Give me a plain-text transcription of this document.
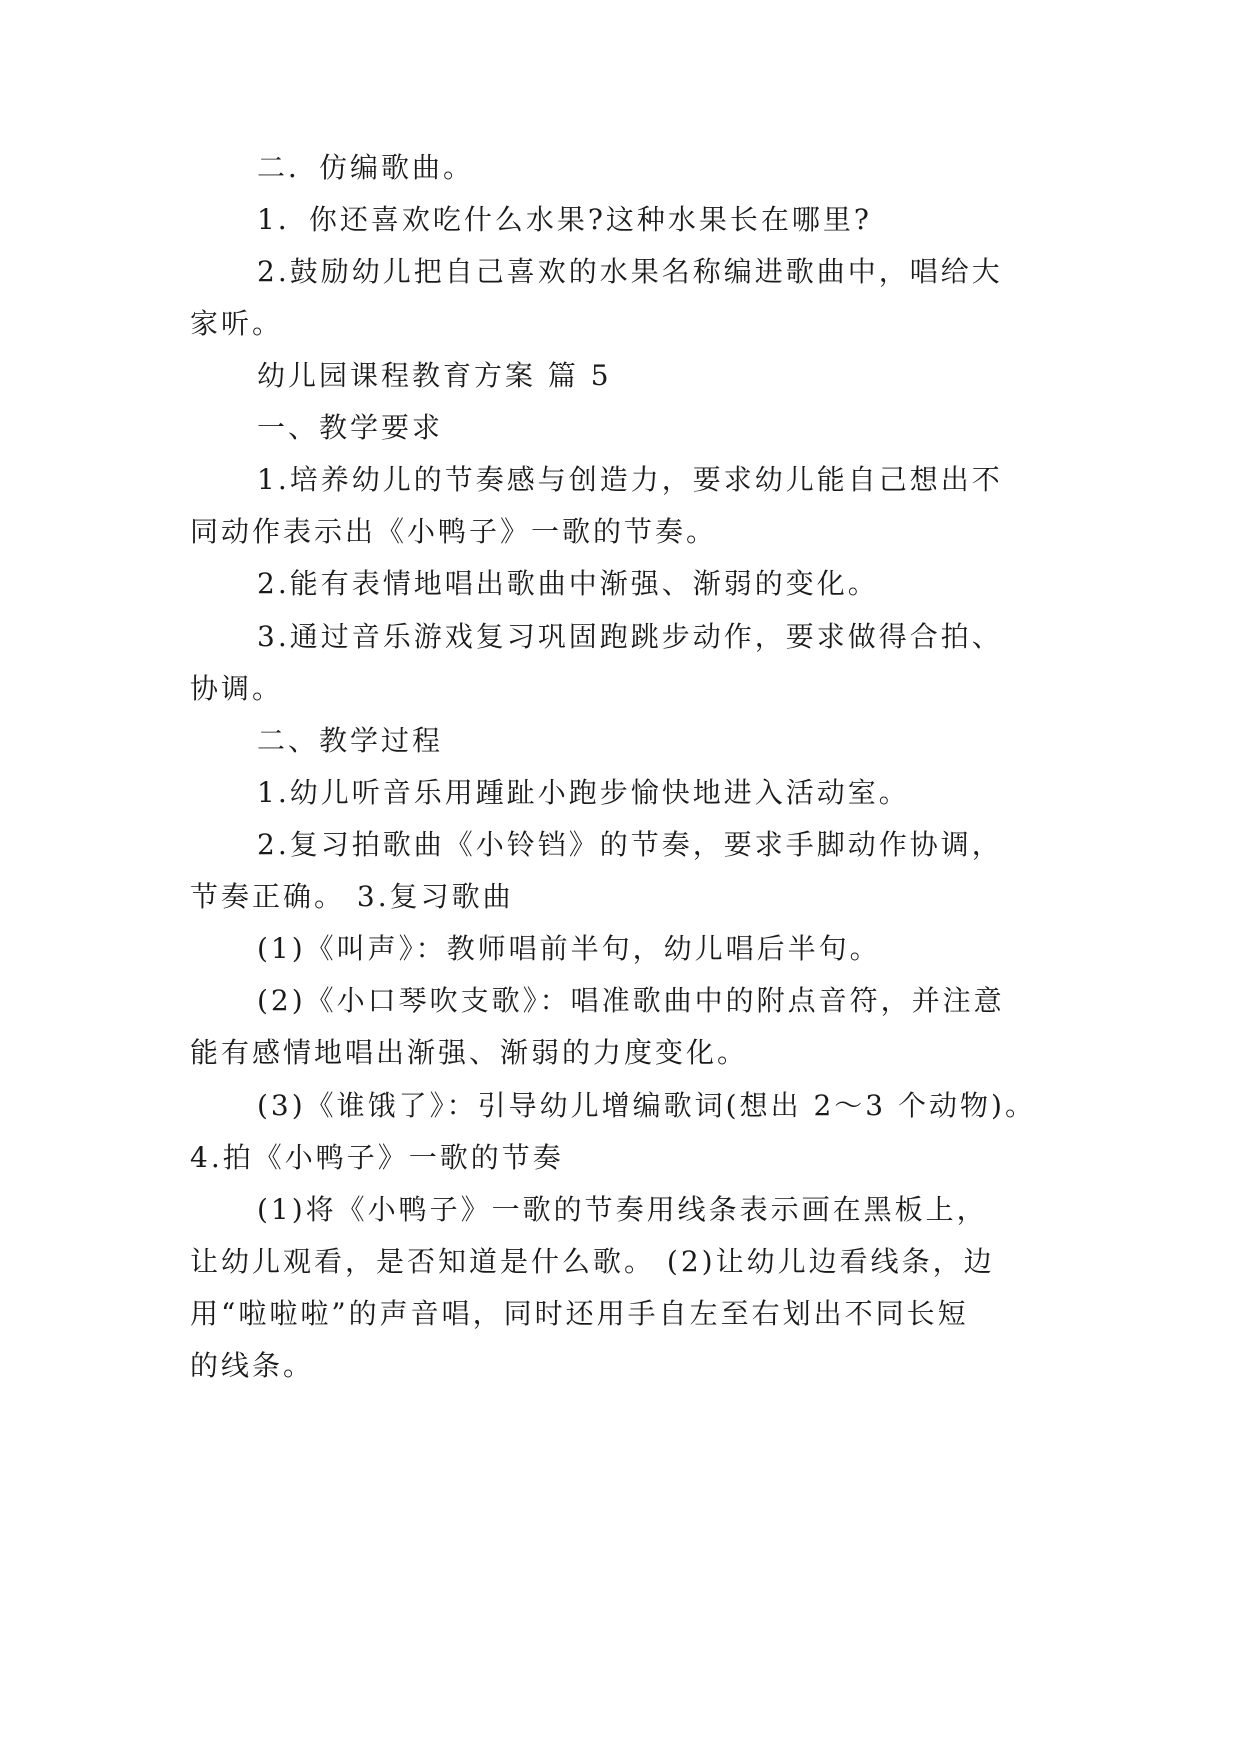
二．仿编歌曲。
1．你还喜欢吃什么水果?这种水果长在哪里?
2.鼓励幼儿把自己喜欢的水果名称编进歌曲中，唱给大
家听。
幼儿园课程教育方案 篇 5
一、教学要求
1.培养幼儿的节奏感与创造力，要求幼儿能自己想出不
同动作表示出《小鸭子》一歌的节奏。
2.能有表情地唱出歌曲中渐强、渐弱的变化。
3.通过音乐游戏复习巩固跑跳步动作，要求做得合拍、
协调。
二、教学过程
1.幼儿听音乐用踵趾小跑步愉快地进入活动室。
2.复习拍歌曲《小铃铛》的节奏，要求手脚动作协调，
节奏正确。 3.复习歌曲
(1)《叫声》：教师唱前半句，幼儿唱后半句。
(2)《小口琴吹支歌》：唱准歌曲中的附点音符，并注意
能有感情地唱出渐强、渐弱的力度变化。
(3)《谁饿了》：引导幼儿增编歌词(想出 2～3 个动物)。
4.拍《小鸭子》一歌的节奏
(1)将《小鸭子》一歌的节奏用线条表示画在黑板上，
让幼儿观看，是否知道是什么歌。 (2)让幼儿边看线条，边
用“啦啦啦”的声音唱，同时还用手自左至右划出不同长短
的线条。
